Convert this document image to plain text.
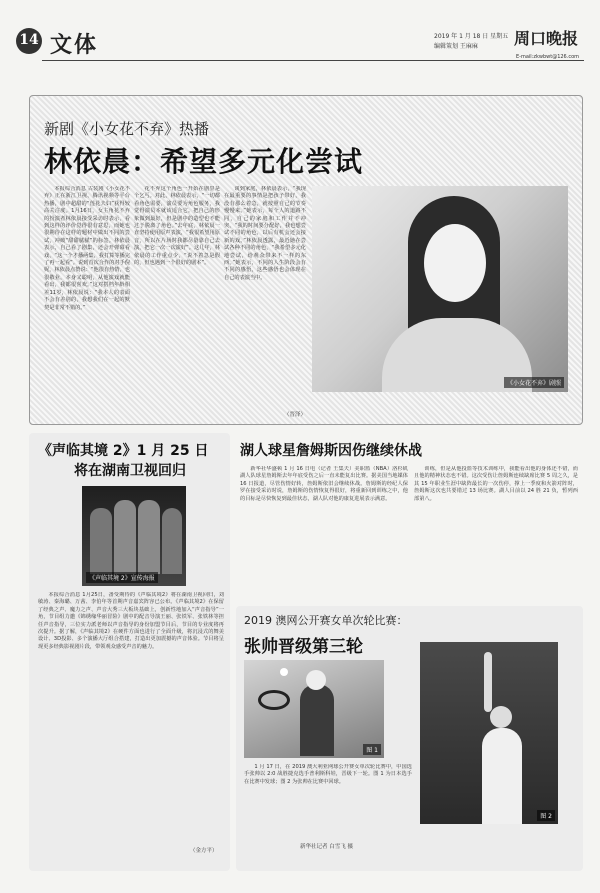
14 文体	2019 年 1 月 18 日 星期五
编辑策划 王麻麻 周口晚报
E-mail:zkwbwt@126.com
新剧《小女花不弃》热播
林依晨：希望多元化尝试

本报综合消息 古装剧《小女花不弃》正在浙江卫视、腾讯视频等平台热播，剧中超甜的“莲花夫妇”获得较高关注度。1月16日，女主角花不弃的扮演者林依晨接受采访时表示，看到这样的评价觉得很有意思，而她也很期待在这样的题材中做出不同的尝试，冲破“甜甜腻腻”的标签。林依晨表示，自己看了剧集，还会开弹幕看戏，“这一个才播两集，我打算等播完了再一起看”。说到首次合作的对手倪妮，林依晨点赞说：“他很有热情，也很敬业，本身又聪明，从他演戏就能看出，我都很喜欢。”这对搭档年龄相差11岁，林依晨说：“我本人的表面不会有差别的，我想我们在一起的默契是非常不错的。”

花不弃这个角色一开始在剧里是个乞丐。对此，林依晨表示，“一切都看角色需要，演员要为角色服务，我觉得演员本就该适合它。把自己的形象做到最好，但是剧中的造型也不能过于脱离了角色。”去年底，林依晨一直坚持使用原声表演，“我很希望用原音，所以在片场时我都尽量靠自己去演，把它一次一次演好”。这几年，林依晨的工作重点少，“说不着急是假的，但也遇到一个很好的剧本”。

谈到家庭，林依晨表示，“我现在最重要的事情是把孩子带好，我没有那么着急，就按照自己的节奏慢慢来。”她表示，每个人的道路不同，自己的家庭和工作并不冲突，“我的时间要分配好，我也想尝试不同的角色，以后有机会还会接新的戏。”林依晨透露，最近她在尝试各种不同的角色，“我希望多元化地尝试，给观众带来不一样的东西。”她表示，不同的人生阶段会有不同的感悟，这些感悟也会体现在自己的表演当中。

（晋泽）
《小女花不弃》剧照
《声临其境 2》1 月 25 日
将在湖南卫视回归
《声临其境 2》宣传海报

本报综合消息 1月25日，备受期待的《声临其境2》将在湖南卫视回归，刘敏涛、秦海璐、万茜、李伯年等首期声音嘉宾阵容已公布。《声临其境2》在保留了经典之声、魔力之声、声音大秀三大板块基础上，创新性地加入“声音指导”一角，节目组力邀《锦绣缘华丽冒险》剧中的配音导演王丽、张铁军、张铁林等担任声音指导，三位实力派老师以声音指导的身份加盟节目后，节目的专业度将再次提升。据了解，《声临其境2》在硬件方面也进行了全面升级，将沉浸式的舞美设计、3D投影、多个演播大厅组合搭建，打造出更加震撼的声音体验。节目将呈现更多经典影视剧片段，带领观众感受声音的魅力。

（金方平）
湖人球星詹姆斯因伤继续休战

新华社华盛顿 1 月 16 日电（记者 王集夫）美职篮（NBA）洛杉矶湖人队球星詹姆斯去年年底受伤之后一直未能复出比赛。据美国当地媒体 16 日报道，尽管伤情好转，詹姆斯依旧会继续休战。詹姆斯的经纪人保罗在接受采访时说，詹姆斯的伤情恢复得很好，将重新回到训练之中，他的目标是尽快恢复到最佳状态，湖人队对他的康复进展表示满意。

训练，但是从他投篮等技术训练中，我能看出他的身体还不错，而且他的精神状态也不错。这次受伤让詹姆斯连续缺席比赛 5 周之久，是其 15 年职业生涯中缺阵最长的一次伤停，撑上一季度和火箭对阵时，詹姆斯这次也共要错过 13 场比赛。湖人目前以 24 胜 21 负，暂列西部第八。

2019 澳网公开赛女单次轮比赛：
张帅晋级第三轮
图 1
图 2

1 月 17 日，在 2019 澳大利亚网球公开赛女单次轮比赛中，中国选手张帅以 2:0 战胜捷克选手普利斯科娃，晋级下一轮。图 1 为日本选手在比赛中发球；图 2 为张帅在比赛中回球。

新华社记者 白雪飞 摄
